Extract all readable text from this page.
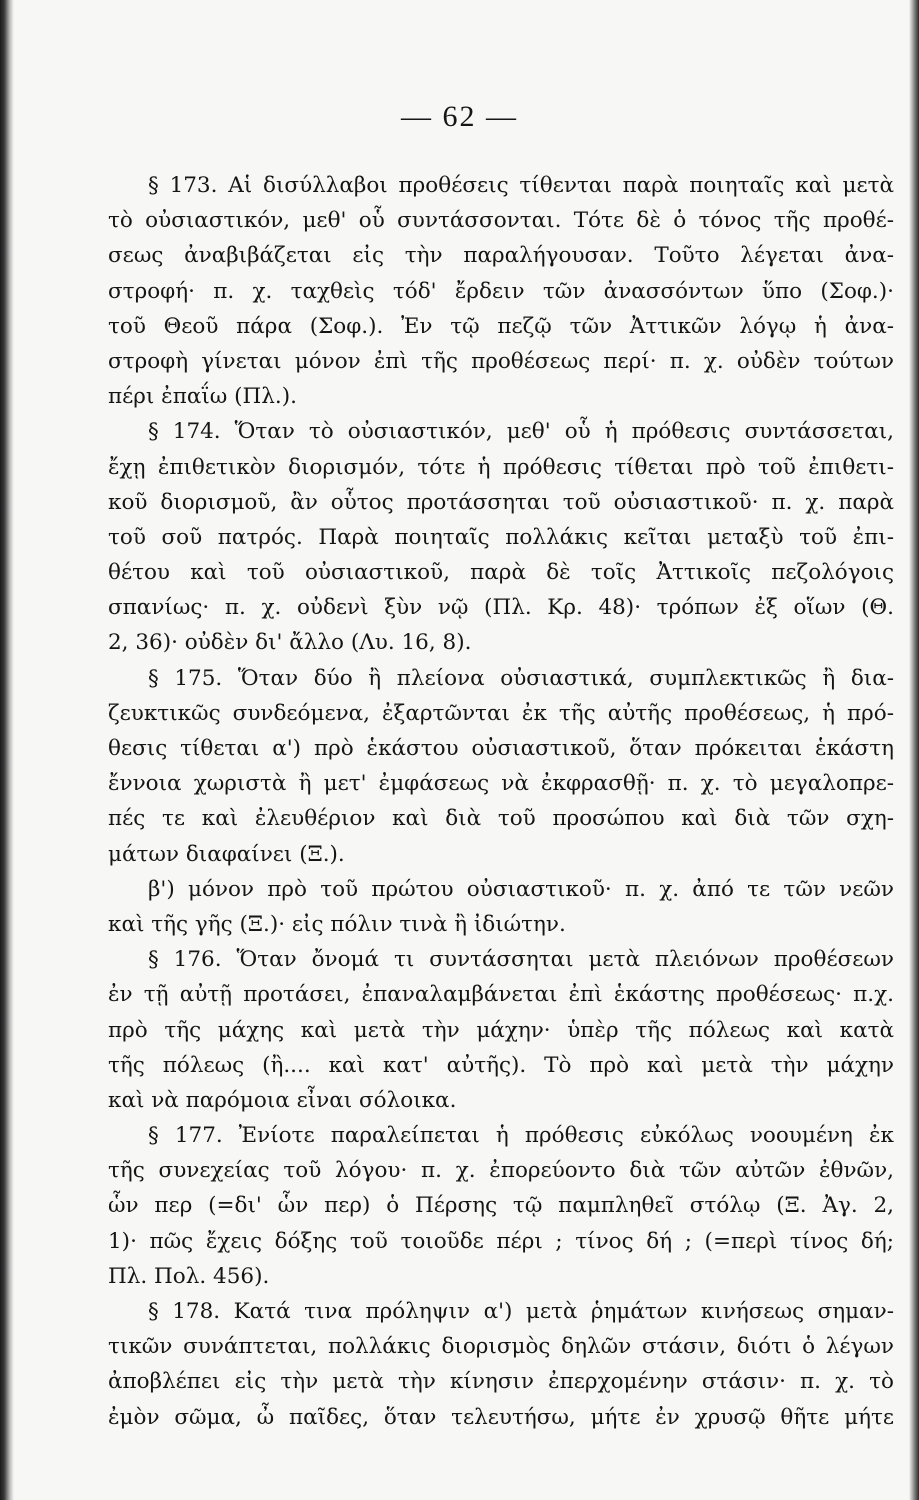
— 62 —
§ 173. Αἱ δισύλλαβοι προθέσεις τίθενται παρὰ ποιηταῖς καὶ μετὰ
τὸ οὐσιαστικόν, μεθ' οὗ συντάσσονται. Τότε δὲ ὁ τόνος τῆς προθέ-
σεως ἀναβιβάζεται εἰς τὴν παραλήγουσαν. Τοῦτο λέγεται ἀνα-
στροφή· π. χ. ταχθεὶς τόδ' ἔρδειν τῶν ἀνασσόντων ὕπο (Σοφ.)·
τοῦ Θεοῦ πάρα (Σοφ.). Ἐν τῷ πεζῷ τῶν Ἀττικῶν λόγῳ ἡ ἀνα-
στροφὴ γίνεται μόνον ἐπὶ τῆς προθέσεως περί· π. χ. οὐδὲν τούτων
πέρι ἐπαΐω (Πλ.).
§ 174. Ὅταν τὸ οὐσιαστικόν, μεθ' οὗ ἡ πρόθεσις συντάσσεται,
ἔχῃ ἐπιθετικὸν διορισμόν, τότε ἡ πρόθεσις τίθεται πρὸ τοῦ ἐπιθετι-
κοῦ διορισμοῦ, ἂν οὗτος προτάσσηται τοῦ οὐσιαστικοῦ· π. χ. παρὰ
τοῦ σοῦ πατρός. Παρὰ ποιηταῖς πολλάκις κεῖται μεταξὺ τοῦ ἐπι-
θέτου καὶ τοῦ οὐσιαστικοῦ, παρὰ δὲ τοῖς Ἀττικοῖς πεζολόγοις
σπανίως· π. χ. οὐδενὶ ξὺν νῷ (Πλ. Κρ. 48)· τρόπων ἐξ οἵων (Θ.
2, 36)· οὐδὲν δι' ἄλλο (Λυ. 16, 8).
§ 175. Ὅταν δύο ἢ πλείονα οὐσιαστικά, συμπλεκτικῶς ἢ δια-
ζευκτικῶς συνδεόμενα, ἐξαρτῶνται ἐκ τῆς αὐτῆς προθέσεως, ἡ πρό-
θεσις τίθεται α') πρὸ ἑκάστου οὐσιαστικοῦ, ὅταν πρόκειται ἑκάστη
ἔννοια χωριστὰ ἢ μετ' ἐμφάσεως νὰ ἐκφρασθῇ· π. χ. τὸ μεγαλοπρε-
πές τε καὶ ἐλευθέριον καὶ διὰ τοῦ προσώπου καὶ διὰ τῶν σχη-
μάτων διαφαίνει (Ξ.).
β') μόνον πρὸ τοῦ πρώτου οὐσιαστικοῦ· π. χ. ἀπό τε τῶν νεῶν
καὶ τῆς γῆς (Ξ.)· εἰς πόλιν τινὰ ἢ ἰδιώτην.
§ 176. Ὅταν ὄνομά τι συντάσσηται μετὰ πλειόνων προθέσεων
ἐν τῇ αὐτῇ προτάσει, ἐπαναλαμβάνεται ἐπὶ ἑκάστης προθέσεως· π.χ.
πρὸ τῆς μάχης καὶ μετὰ τὴν μάχην· ὑπὲρ τῆς πόλεως καὶ κατὰ
τῆς πόλεως (ἢ.... καὶ κατ' αὐτῆς). Τὸ πρὸ καὶ μετὰ τὴν μάχην
καὶ νὰ παρόμοια εἶναι σόλοικα.
§ 177. Ἐνίοτε παραλείπεται ἡ πρόθεσις εὐκόλως νοουμένη ἐκ
τῆς συνεχείας τοῦ λόγου· π. χ. ἐπορεύοντο διὰ τῶν αὐτῶν ἐθνῶν,
ὧν περ (=δι' ὧν περ) ὁ Πέρσης τῷ παμπληθεῖ στόλῳ (Ξ. Ἀγ. 2,
1)· πῶς ἔχεις δόξης τοῦ τοιοῦδε πέρι ; τίνος δή ; (=περὶ τίνος δή;
Πλ. Πολ. 456).
§ 178. Κατά τινα πρόληψιν α') μετὰ ῥημάτων κινήσεως σημαν-
τικῶν συνάπτεται, πολλάκις διορισμὸς δηλῶν στάσιν, διότι ὁ λέγων
ἀποβλέπει εἰς τὴν μετὰ τὴν κίνησιν ἐπερχομένην στάσιν· π. χ. τὸ
ἐμὸν σῶμα, ὦ παῖδες, ὅταν τελευτήσω, μήτε ἐν χρυσῷ θῆτε μήτε
